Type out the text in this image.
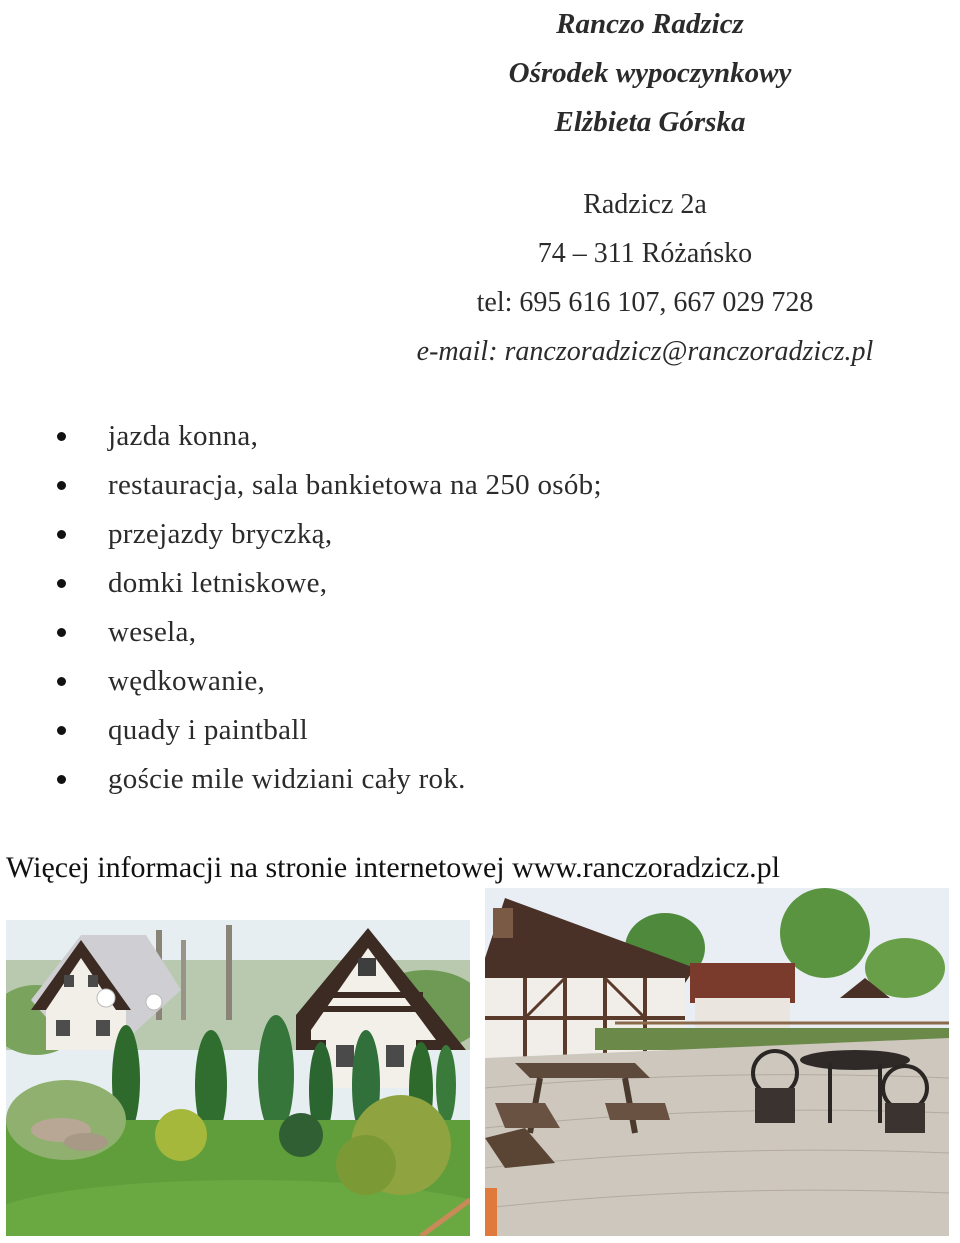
Ranczo Radzicz
Ośrodek wypoczynkowy
Elżbieta Górska
Radzicz 2a
74 – 311 Różańsko
tel: 695 616 107, 667 029 728
e-mail: ranczoradzicz@ranczoradzicz.pl
jazda konna,
restauracja, sala bankietowa na 250 osób;
przejazdy bryczką,
domki letniskowe,
wesela,
wędkowanie,
quady i paintball
goście mile widziani cały rok.
Więcej informacji na stronie internetowej www.ranczoradzicz.pl
